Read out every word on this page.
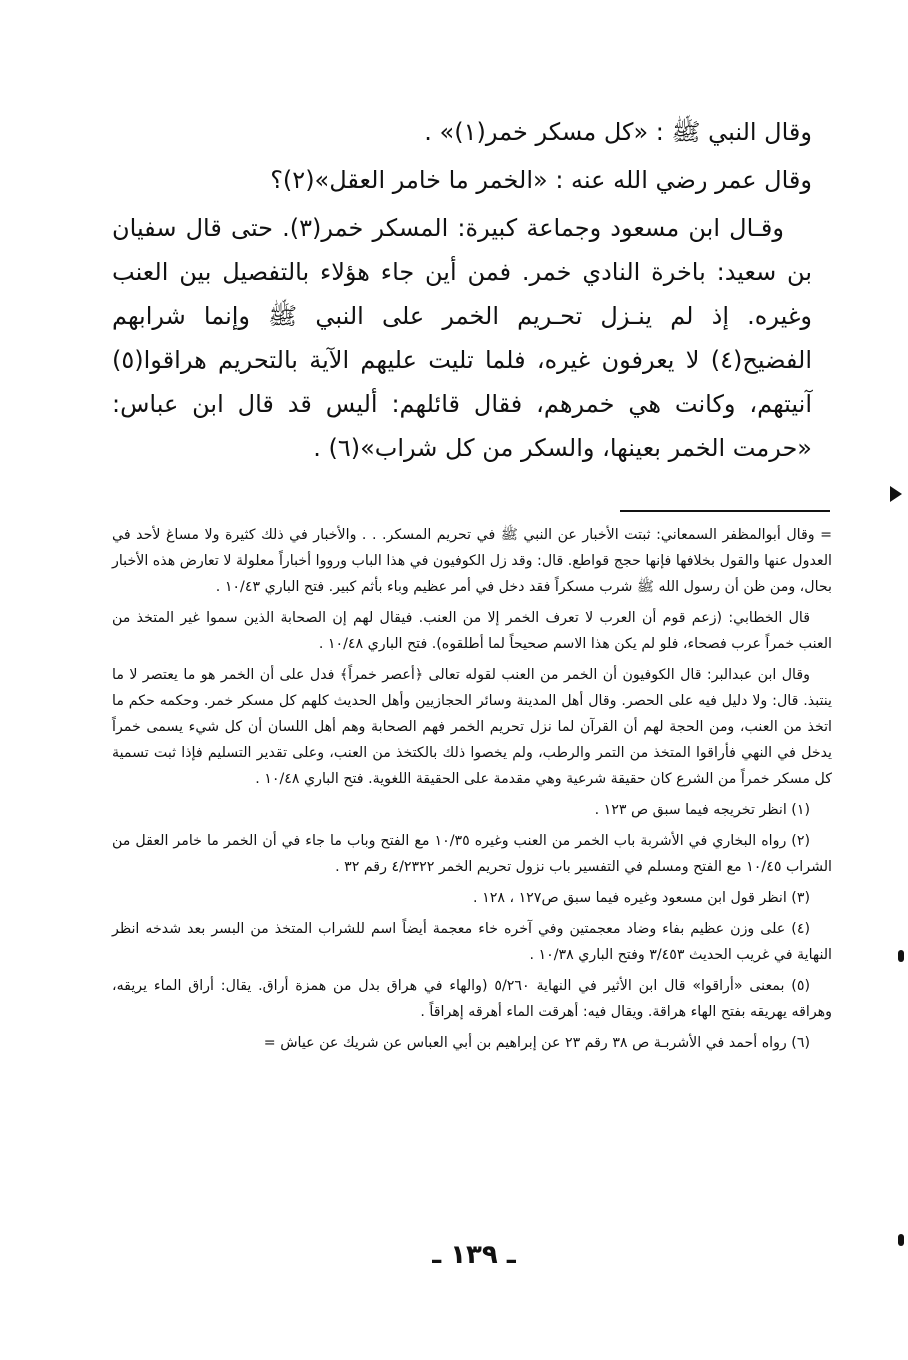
وقال النبي ﷺ : «كل مسكر خمر(١)» .

وقال عمر رضي الله عنه : «الخمر ما خامر العقل»(٢)؟

وقـال ابن مسعود وجماعة كبيرة: المسكر خمر(٣). حتى قال سفيان بن سعيد: باخرة النادي خمر. فمن أين جاء هؤلاء بالتفصيل بين العنب وغيره. إذ لم ينـزل تحـريم الخمر على النبي ﷺ وإنما شرابهم الفضيح(٤) لا يعرفون غيره، فلما تليت عليهم الآية بالتحريم هراقوا(٥) آنيتهم، وكانت هي خمرهم، فقال قائلهم: أليس قد قال ابن عباس: «حرمت الخمر بعينها، والسكر من كل شراب»(٦) .

= وقال أبوالمظفر السمعاني: ثبتت الأخبار عن النبي ﷺ في تحريم المسكر. . . والأخبار في ذلك كثيرة ولا مساغ لأحد في العدول عنها والقول بخلافها فإنها حجج قواطع. قال: وقد زل الكوفيون في هذا الباب ورووا أخباراً معلولة لا تعارض هذه الأخبار بحال، ومن ظن أن رسول الله ﷺ شرب مسكراً فقد دخل في أمر عظيم وباء بأثم كبير. فتح الباري ١٠/٤٣ .

قال الخطابي: (زعم قوم أن العرب لا تعرف الخمر إلا من العنب. فيقال لهم إن الصحابة الذين سموا غير المتخذ من العنب خمراً عرب فصحاء، فلو لم يكن هذا الاسم صحيحاً لما أطلقوه). فتح الباري ١٠/٤٨ .

وقال ابن عبدالبر: قال الكوفيون أن الخمر من العنب لقوله تعالى ﴿أعصر خمراً﴾ فدل على أن الخمر هو ما يعتصر لا ما ينتبذ. قال: ولا دليل فيه على الحصر. وقال أهل المدينة وسائر الحجازيين وأهل الحديث كلهم كل مسكر خمر. وحكمه حكم ما اتخذ من العنب، ومن الحجة لهم أن القرآن لما نزل تحريم الخمر فهم الصحابة وهم أهل اللسان أن كل شيء يسمى خمراً يدخل في النهي فأراقوا المتخذ من التمر والرطب، ولم يخصوا ذلك بالكتخذ من العنب، وعلى تقدير التسليم فإذا ثبت تسمية كل مسكر خمراً من الشرع كان حقيقة شرعية وهي مقدمة على الحقيقة اللغوية. فتح الباري ١٠/٤٨ .

(١) انظر تخريجه فيما سبق ص ١٢٣ .

(٢) رواه البخاري في الأشربة باب الخمر من العنب وغيره ١٠/٣٥ مع الفتح وباب ما جاء في أن الخمر ما خامر العقل من الشراب ١٠/٤٥ مع الفتح ومسلم في التفسير باب نزول تحريم الخمر ٤/٢٣٢٢ رقم ٣٢ .

(٣) انظر قول ابن مسعود وغيره فيما سبق ص١٢٧ ، ١٢٨ .

(٤) على وزن عظيم بفاء وضاد معجمتين وفي آخره خاء معجمة أيضاً اسم للشراب المتخذ من البسر بعد شدخه انظر النهاية في غريب الحديث ٣/٤٥٣ وفتح الباري ١٠/٣٨ .

(٥) بمعنى «أراقوا» قال ابن الأثير في النهاية ٥/٢٦٠ (والهاء في هراق بدل من همزة أراق. يقال: أراق الماء يريقه، وهراقه يهريقه بفتح الهاء هراقة. ويقال فيه: أهرقت الماء أهرقه إهراقاً .

(٦) رواه أحمد في الأشربـة ص ٣٨ رقم ٢٣ عن إبراهيم بن أبي العباس عن شريك عن عياش =

ـ ١٣٩ ـ
